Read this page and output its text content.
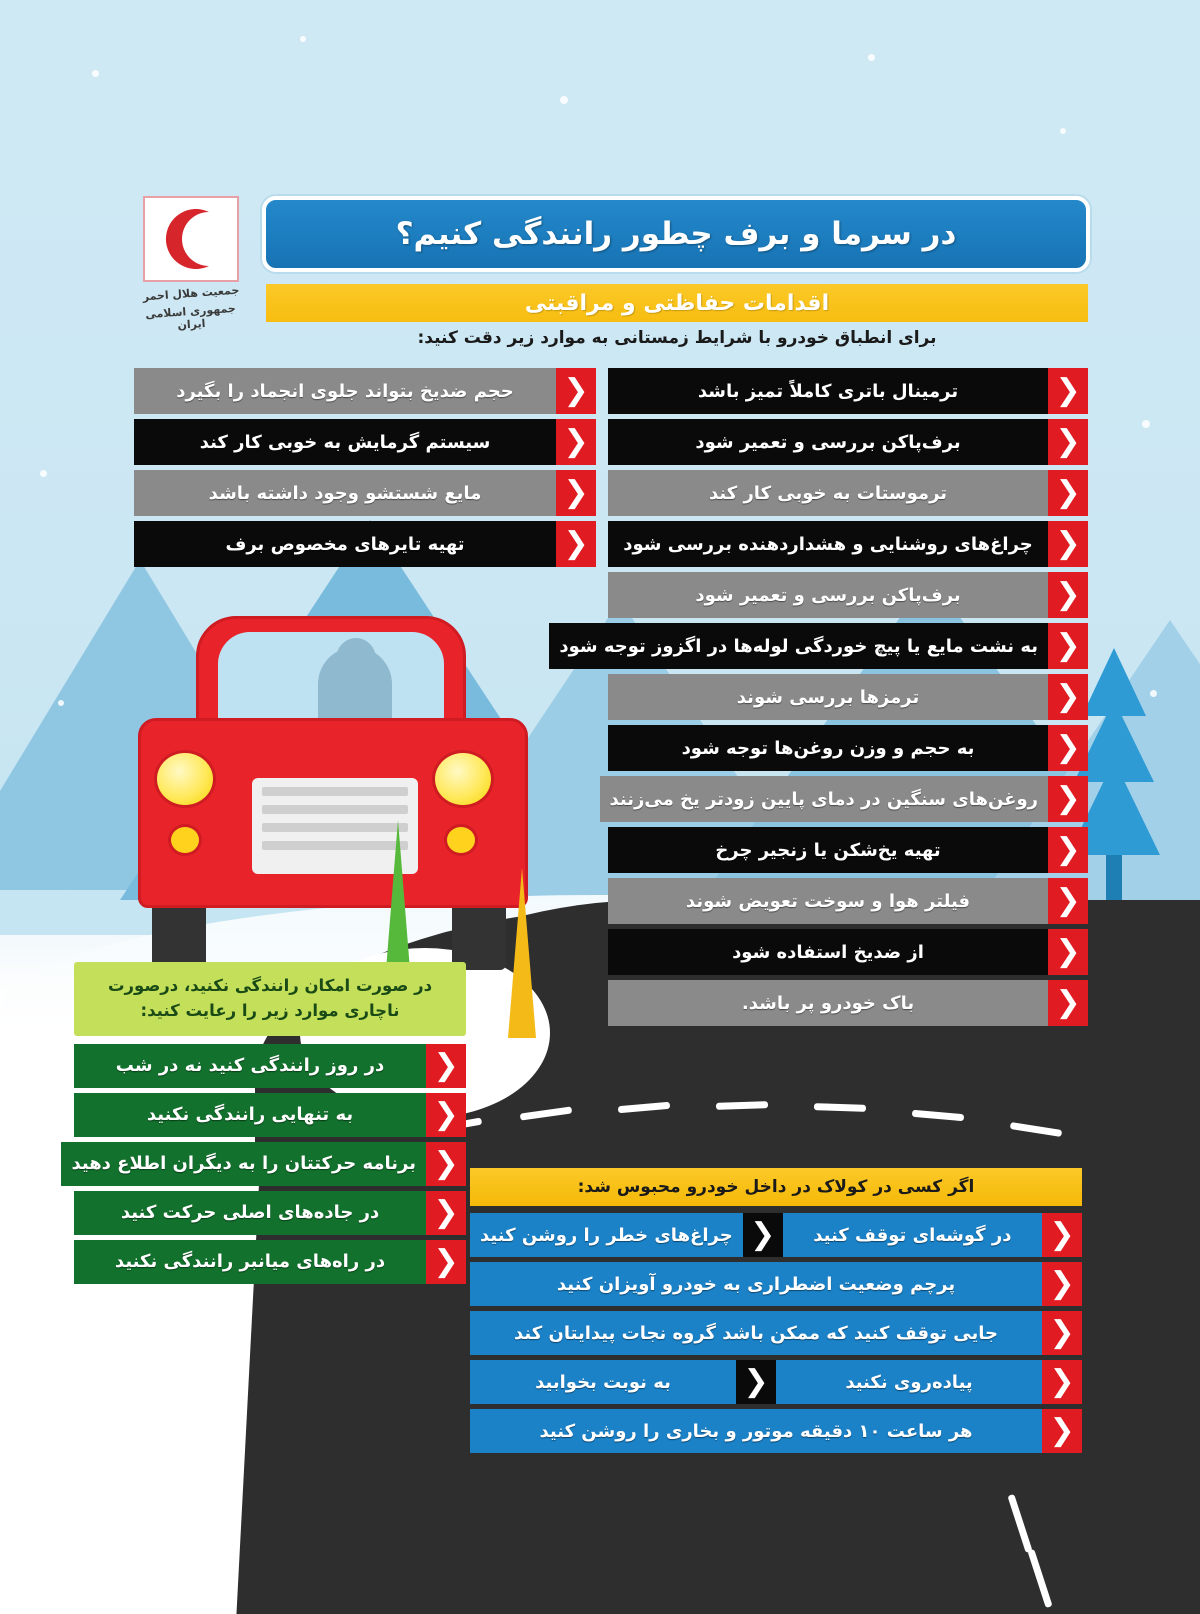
جمعیت هلال احمر
جمهوری اسلامی ایران
در سرما و برف چطور رانندگی کنیم؟
اقدامات حفاظتی و مراقبتی
برای انطباق خودرو با شرایط زمستانی به موارد زیر دقت کنید:
❮
ترمینال باتری کاملاً تمیز باشد
❮
برف‌پاکن بررسی و تعمیر شود
❮
ترموستات به خوبی کار کند
❮
چراغ‌های روشنایی و هشداردهنده بررسی شود
❮
برف‌پاکن بررسی و تعمیر شود
❮
به نشت مایع یا پیچ خوردگی لوله‌ها در اگزوز توجه شود
❮
ترمزها بررسی شوند
❮
به حجم و وزن روغن‌ها توجه شود
❮
روغن‌های سنگین در دمای پایین زودتر یخ می‌زنند
❮
تهیه یخ‌شکن یا زنجیر چرخ
❮
فیلتر هوا و سوخت تعویض شوند
❮
از ضدیخ استفاده شود
❮
باک خودرو پر باشد.
❮
حجم ضدیخ بتواند جلوی انجماد را بگیرد
❮
سیستم گرمایش به خوبی کار کند
❮
مایع شستشو وجود داشته باشد
❮
تهیه تایرهای مخصوص برف
در صورت امکان رانندگی نکنید، درصورت ناچاری موارد زیر را رعایت کنید:
❮
در روز رانندگی کنید نه در شب
❮
به تنهایی رانندگی نکنید
❮
برنامه حرکتتان را به دیگران اطلاع دهید
❮
در جاده‌های اصلی حرکت کنید
❮
در راه‌های میانبر رانندگی نکنید
اگر کسی در کولاک در داخل خودرو محبوس شد:
❮
در گوشه‌ای توقف کنید
❮
چراغ‌های خطر را روشن کنید
❮
پرچم وضعیت اضطراری به خودرو آویزان کنید
❮
جایی توقف کنید که ممکن باشد گروه نجات پیدایتان کند
❮
پیاده‌روی نکنید
❮
به نوبت بخوابید
❮
هر ساعت ۱۰ دقیقه موتور و بخاری را روشن کنید
